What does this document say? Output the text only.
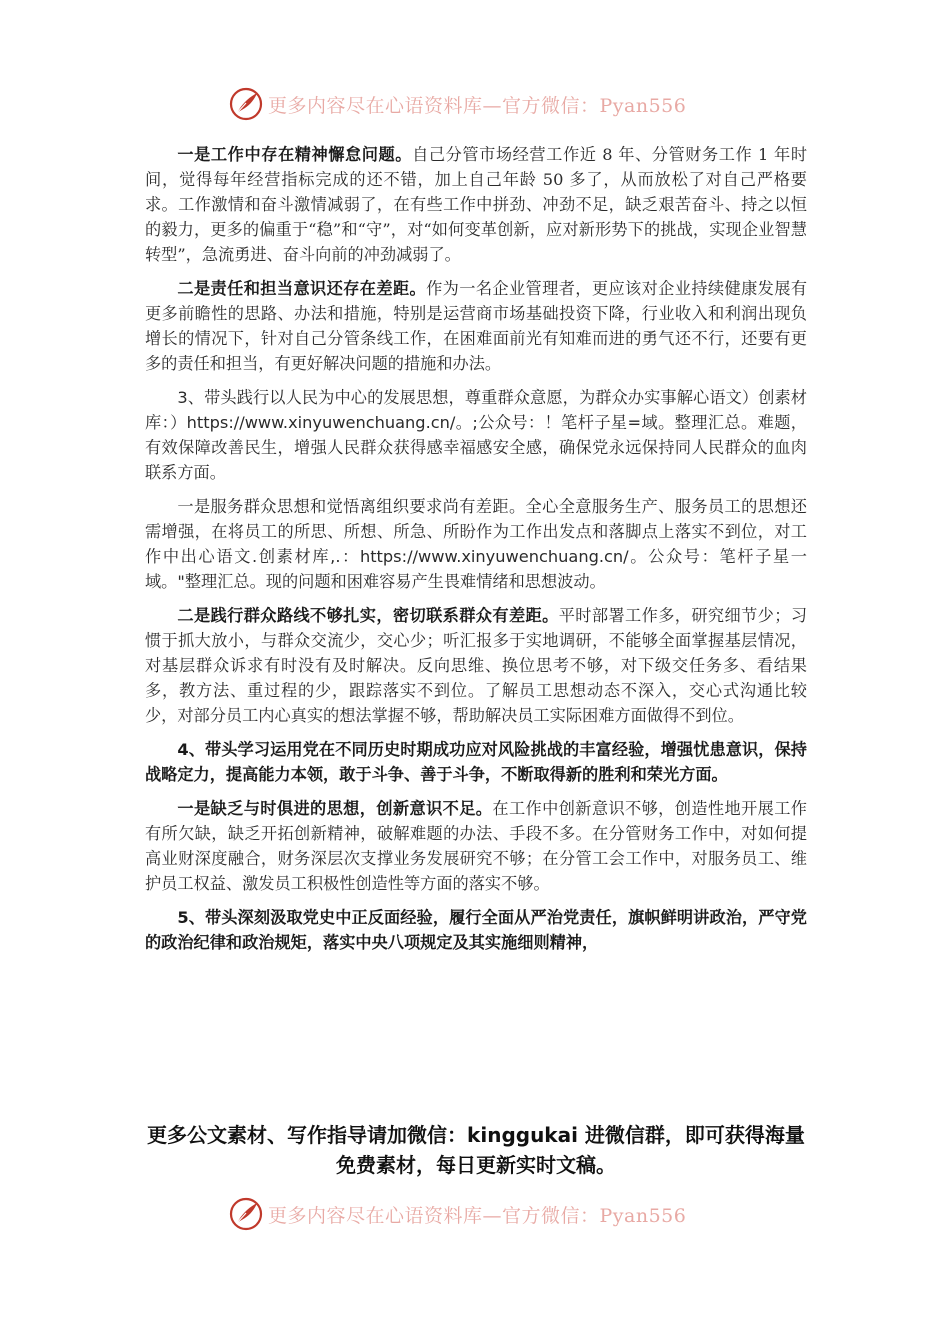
更多内容尽在心语资料库—官方微信：Pyan556

一是工作中存在精神懈怠问题。自己分管市场经营工作近 8 年、分管财务工作 1 年时间，觉得每年经营指标完成的还不错，加上自己年龄 50 多了，从而放松了对自己严格要求。工作激情和奋斗激情减弱了，在有些工作中拼劲、冲劲不足，缺乏艰苦奋斗、持之以恒的毅力，更多的偏重于“稳”和“守”，对“如何变革创新，应对新形势下的挑战，实现企业智慧转型”，急流勇进、奋斗向前的冲劲减弱了。

二是责任和担当意识还存在差距。作为一名企业管理者，更应该对企业持续健康发展有更多前瞻性的思路、办法和措施，特别是运营商市场基础投资下降，行业收入和利润出现负增长的情况下，针对自己分管条线工作，在困难面前光有知难而进的勇气还不行，还要有更多的责任和担当，有更好解决问题的措施和办法。

3、带头践行以人民为中心的发展思想，尊重群众意愿，为群众办实事解心语文）创素材库：）https://www.xinyuwenchuang.cn/。;公众号：！笔杆子星=域。整理汇总。难题，有效保障改善民生，增强人民群众获得感幸福感安全感，确保党永远保持同人民群众的血肉联系方面。

一是服务群众思想和觉悟离组织要求尚有差距。全心全意服务生产、服务员工的思想还需增强，在将员工的所思、所想、所急、所盼作为工作出发点和落脚点上落实不到位，对工作中出心语文.创素材库,.：https://www.xinyuwenchuang.cn/。公众号：笔杆子星一域。"整理汇总。现的问题和困难容易产生畏难情绪和思想波动。

二是践行群众路线不够扎实，密切联系群众有差距。平时部署工作多，研究细节少；习惯于抓大放小，与群众交流少，交心少；听汇报多于实地调研，不能够全面掌握基层情况，对基层群众诉求有时没有及时解决。反向思维、换位思考不够，对下级交任务多、看结果多，教方法、重过程的少，跟踪落实不到位。了解员工思想动态不深入，交心式沟通比较少，对部分员工内心真实的想法掌握不够，帮助解决员工实际困难方面做得不到位。

4、带头学习运用党在不同历史时期成功应对风险挑战的丰富经验，增强忧患意识，保持战略定力，提高能力本领，敢于斗争、善于斗争，不断取得新的胜利和荣光方面。

一是缺乏与时俱进的思想，创新意识不足。在工作中创新意识不够，创造性地开展工作有所欠缺，缺乏开拓创新精神，破解难题的办法、手段不多。在分管财务工作中，对如何提高业财深度融合，财务深层次支撑业务发展研究不够；在分管工会工作中，对服务员工、维护员工权益、激发员工积极性创造性等方面的落实不够。

5、带头深刻汲取党史中正反面经验，履行全面从严治党责任，旗帜鲜明讲政治，严守党的政治纪律和政治规矩，落实中央八项规定及其实施细则精神，

更多公文素材、写作指导请加微信：kinggukai 进微信群，即可获得海量免费素材，每日更新实时文稿。
更多内容尽在心语资料库—官方微信：Pyan556
